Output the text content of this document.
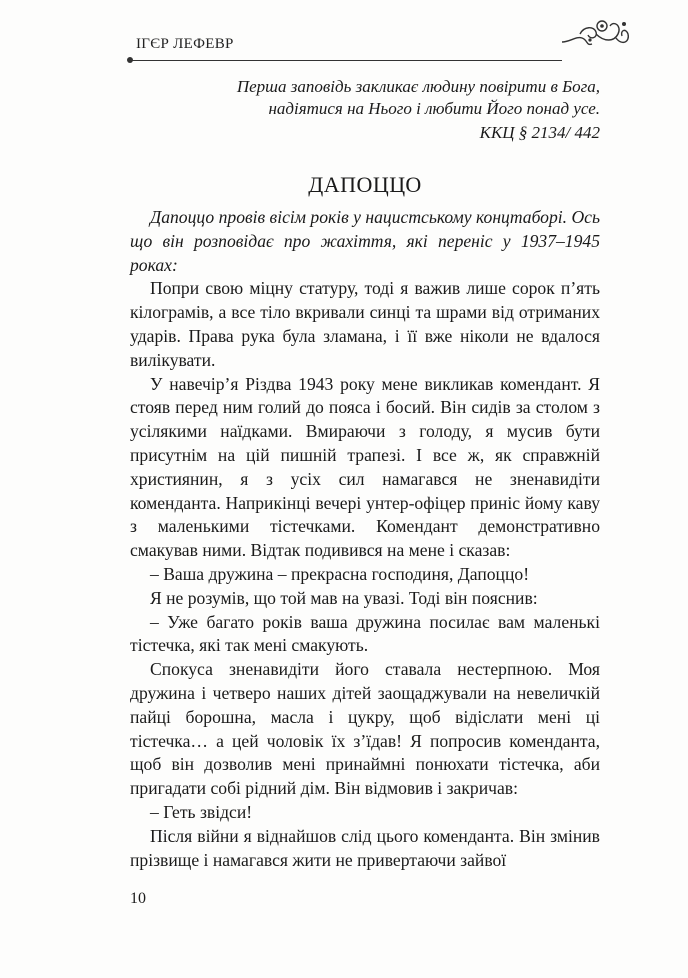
ІГЄР ЛЕФЕВР

Перша заповідь закликає людину повірити в Бога,

надіятися на Нього і любити Його понад усе.

ККЦ § 2134/ 442

ДАПОЦЦО

Дапоццо провів вісім років у нацистському концтаборі. Ось що він розповідає про жахіття, які переніс у 1937–1945 роках:

Попри свою міцну статуру, тоді я важив лише сорок п’ять кілограмів, а все тіло вкривали синці та шрами від отриманих ударів. Права рука була зламана, і її вже ніколи не вдалося вилікувати.

У навечір’я Різдва 1943 року мене викликав комендант. Я стояв перед ним голий до пояса і босий. Він сидів за столом з усілякими наїдками. Вмираючи з голоду, я мусив бути присутнім на цій пишній трапезі. І все ж, як справжній християнин, я з усіх сил намагався не зненавидіти коменданта. Наприкінці вечері унтер-офіцер приніс йому каву з маленькими тістечками. Комендант демонстративно смакував ними. Відтак подивився на мене і сказав:

– Ваша дружина – прекрасна господиня, Дапоццо!

Я не розумів, що той мав на увазі. Тоді він пояснив:

– Уже багато років ваша дружина посилає вам маленькі тістечка, які так мені смакують.

Спокуса зненавидіти його ставала нестерпною. Моя дружина і четверо наших дітей заощаджували на невеличкій пайці борошна, масла і цукру, щоб відіслати мені ці тістечка… а цей чоловік їх з’їдав! Я попросив коменданта, щоб він дозволив мені принаймні понюхати тістечка, аби пригадати собі рідний дім. Він відмовив і закричав:

– Геть звідси!

Після війни я віднайшов слід цього коменданта. Він змінив прізвище і намагався жити не привертаючи зайвої

10
